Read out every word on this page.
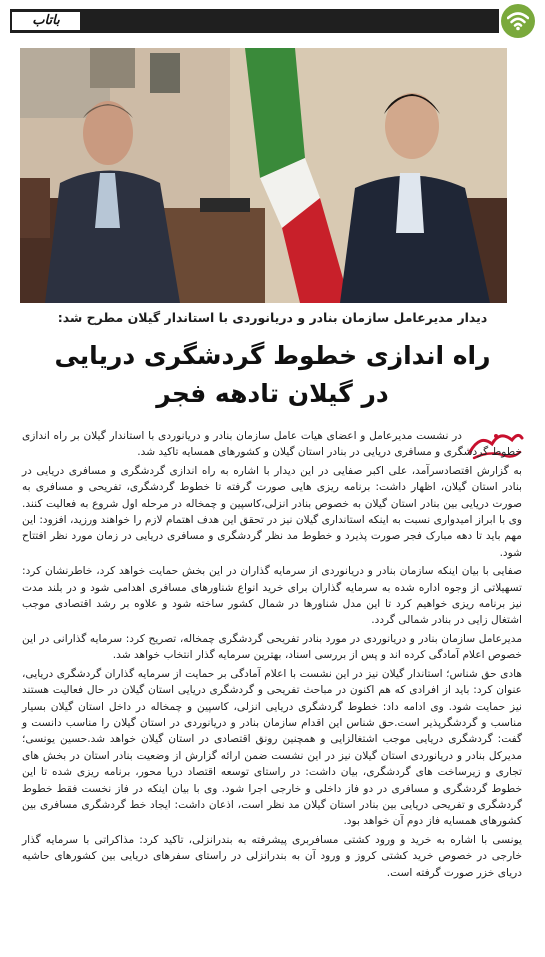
باتاب
دیدار مدیرعامل سازمان بنادر و دریانوردی با استاندار گیلان مطرح شد:
راه اندازی خطوط گردشگری دریایی
در گیلان تادهه فجر

در نشست مدیرعامل و اعضای هیات عامل سازمان بنادر و دریانوردی با استاندار گیلان بر راه اندازی خطوط گردشگری و مسافری دریایی در بنادر استان گیلان و کشورهای همسایه تاکید شد.

به گزارش اقتصادسرآمد، علی اکبر صفایی در این دیدار با اشاره به راه اندازی گردشگری و مسافری دریایی در بنادر استان گیلان، اظهار داشت: برنامه ریزی هایی صورت گرفته تا خطوط گردشگری، تفریحی و مسافری به صورت دریایی بین بنادر استان گیلان به خصوص بنادر انزلی،کاسپین و چمخاله در مرحله اول شروع به فعالیت کنند. وی با ابراز امیدواری نسبت به اینکه استانداری گیلان نیز در تحقق این هدف اهتمام لازم را خواهند ورزید، افزود: این مهم باید تا دهه مبارک فجر صورت پذیرد و خطوط مد نظر گردشگری و مسافری دریایی در زمان مورد نظر افتتاح شود.

صفایی با بیان اینکه سازمان بنادر و دریانوردی از سرمایه گذاران در این بخش حمایت خواهد کرد، خاطرنشان کرد: تسهیلاتی از وجوه اداره شده به سرمایه گذاران برای خرید انواع شناورهای مسافری اهدامی شود و در بلند مدت نیز برنامه ریزی خواهیم کرد تا این مدل شناورها در شمال کشور ساخته شود و علاوه بر رشد اقتصادی موجب اشتغال زایی در بنادر شمالی گردد.

مدیرعامل سازمان بنادر و دریانوردی در مورد بنادر تفریحی گردشگری چمخاله، تصریح کرد: سرمایه گذارانی در این خصوص اعلام آمادگی کرده اند و پس از بررسی اسناد، بهترین سرمایه گذار انتخاب خواهد شد.

هادی حق شناس؛ استاندار گیلان نیز در این نشست با اعلام آمادگی بر حمایت از سرمایه گذاران گردشگری دریایی، عنوان کرد: باید از افرادی که هم اکنون در مباحث تفریحی و گردشگری دریایی استان گیلان در حال فعالیت هستند نیز حمایت شود. وی ادامه داد: خطوط گردشگری دریایی انزلی، کاسپین و چمخاله در داخل استان گیلان بسیار مناسب و گردشگرپذیر است.حق شناس این اقدام سازمان بنادر و دریانوردی در استان گیلان را مناسب دانست و گفت: گردشگری دریایی موجب اشتغالزایی و همچنین رونق اقتصادی در استان گیلان خواهد شد.حسین یونسی؛ مدیرکل بنادر و دریانوردی استان گیلان نیز در این نشست ضمن ارائه گزارش از وضعیت بنادر استان در بخش های تجاری و زیرساخت های گردشگری، بیان داشت: در راستای توسعه اقتصاد دریا محور، برنامه ریزی شده تا این خطوط گردشگری و مسافری در دو فاز داخلی و خارجی اجرا شود. وی با بیان اینکه در فاز نخست فقط خطوط گردشگری و تفریحی دریایی بین بنادر استان گیلان مد نظر است، اذعان داشت: ایجاد خط گردشگری مسافری بین کشورهای همسایه فاز دوم آن خواهد بود.

یونسی با اشاره به خرید و ورود کشتی مسافربری پیشرفته به بندرانزلی، تاکید کرد: مذاکراتی با سرمایه گذار خارجی در خصوص خرید کشتی کروز و ورود آن به بندرانزلی در راستای سفرهای دریایی بین کشورهای حاشیه دریای خزر صورت گرفته است.
